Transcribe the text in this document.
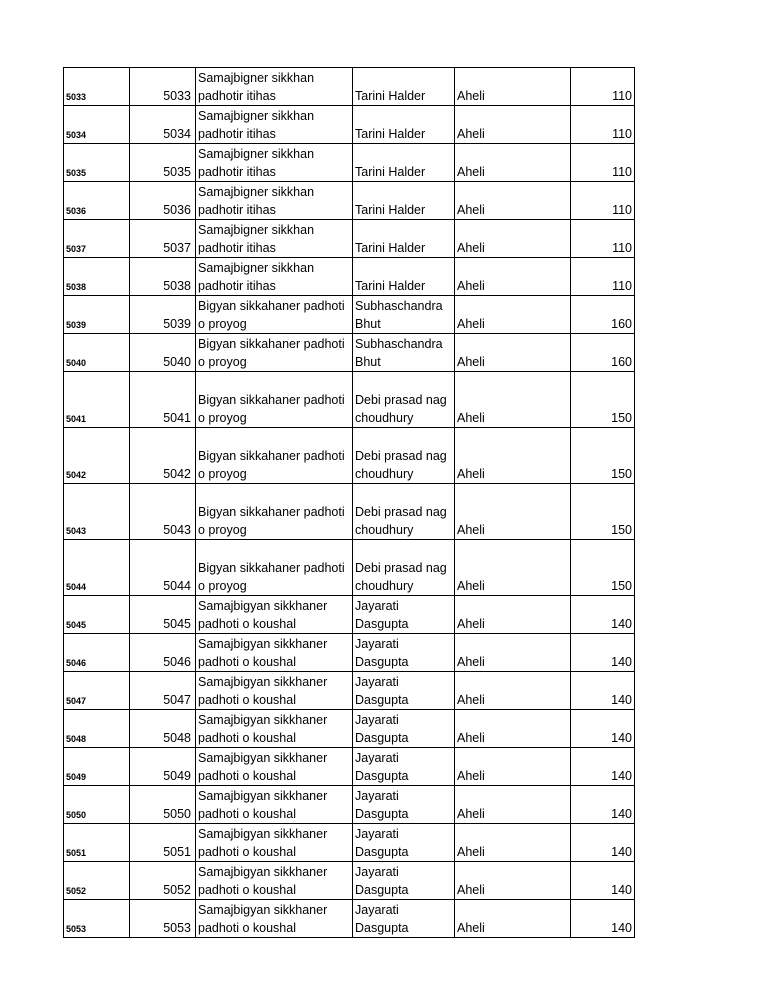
5033	5033	Samajbigner sikkhan
padhotir itihas	Tarini Halder	Aheli	110
5034	5034	Samajbigner sikkhan
padhotir itihas	Tarini Halder	Aheli	110
5035	5035	Samajbigner sikkhan
padhotir itihas	Tarini Halder	Aheli	110
5036	5036	Samajbigner sikkhan
padhotir itihas	Tarini Halder	Aheli	110
5037	5037	Samajbigner sikkhan
padhotir itihas	Tarini Halder	Aheli	110
5038	5038	Samajbigner sikkhan
padhotir itihas	Tarini Halder	Aheli	110
5039	5039	Bigyan sikkahaner padhoti
o proyog	Subhaschandra
Bhut	Aheli	160
5040	5040	Bigyan sikkahaner padhoti
o proyog	Subhaschandra
Bhut	Aheli	160
5041	5041	Bigyan sikkahaner padhoti
o proyog	Debi prasad nag
choudhury	Aheli	150
5042	5042	Bigyan sikkahaner padhoti
o proyog	Debi prasad nag
choudhury	Aheli	150
5043	5043	Bigyan sikkahaner padhoti
o proyog	Debi prasad nag
choudhury	Aheli	150
5044	5044	Bigyan sikkahaner padhoti
o proyog	Debi prasad nag
choudhury	Aheli	150
5045	5045	Samajbigyan sikkhaner
padhoti o koushal	Jayarati
Dasgupta	Aheli	140
5046	5046	Samajbigyan sikkhaner
padhoti o koushal	Jayarati
Dasgupta	Aheli	140
5047	5047	Samajbigyan sikkhaner
padhoti o koushal	Jayarati
Dasgupta	Aheli	140
5048	5048	Samajbigyan sikkhaner
padhoti o koushal	Jayarati
Dasgupta	Aheli	140
5049	5049	Samajbigyan sikkhaner
padhoti o koushal	Jayarati
Dasgupta	Aheli	140
5050	5050	Samajbigyan sikkhaner
padhoti o koushal	Jayarati
Dasgupta	Aheli	140
5051	5051	Samajbigyan sikkhaner
padhoti o koushal	Jayarati
Dasgupta	Aheli	140
5052	5052	Samajbigyan sikkhaner
padhoti o koushal	Jayarati
Dasgupta	Aheli	140
5053	5053	Samajbigyan sikkhaner
padhoti o koushal	Jayarati
Dasgupta	Aheli	140
